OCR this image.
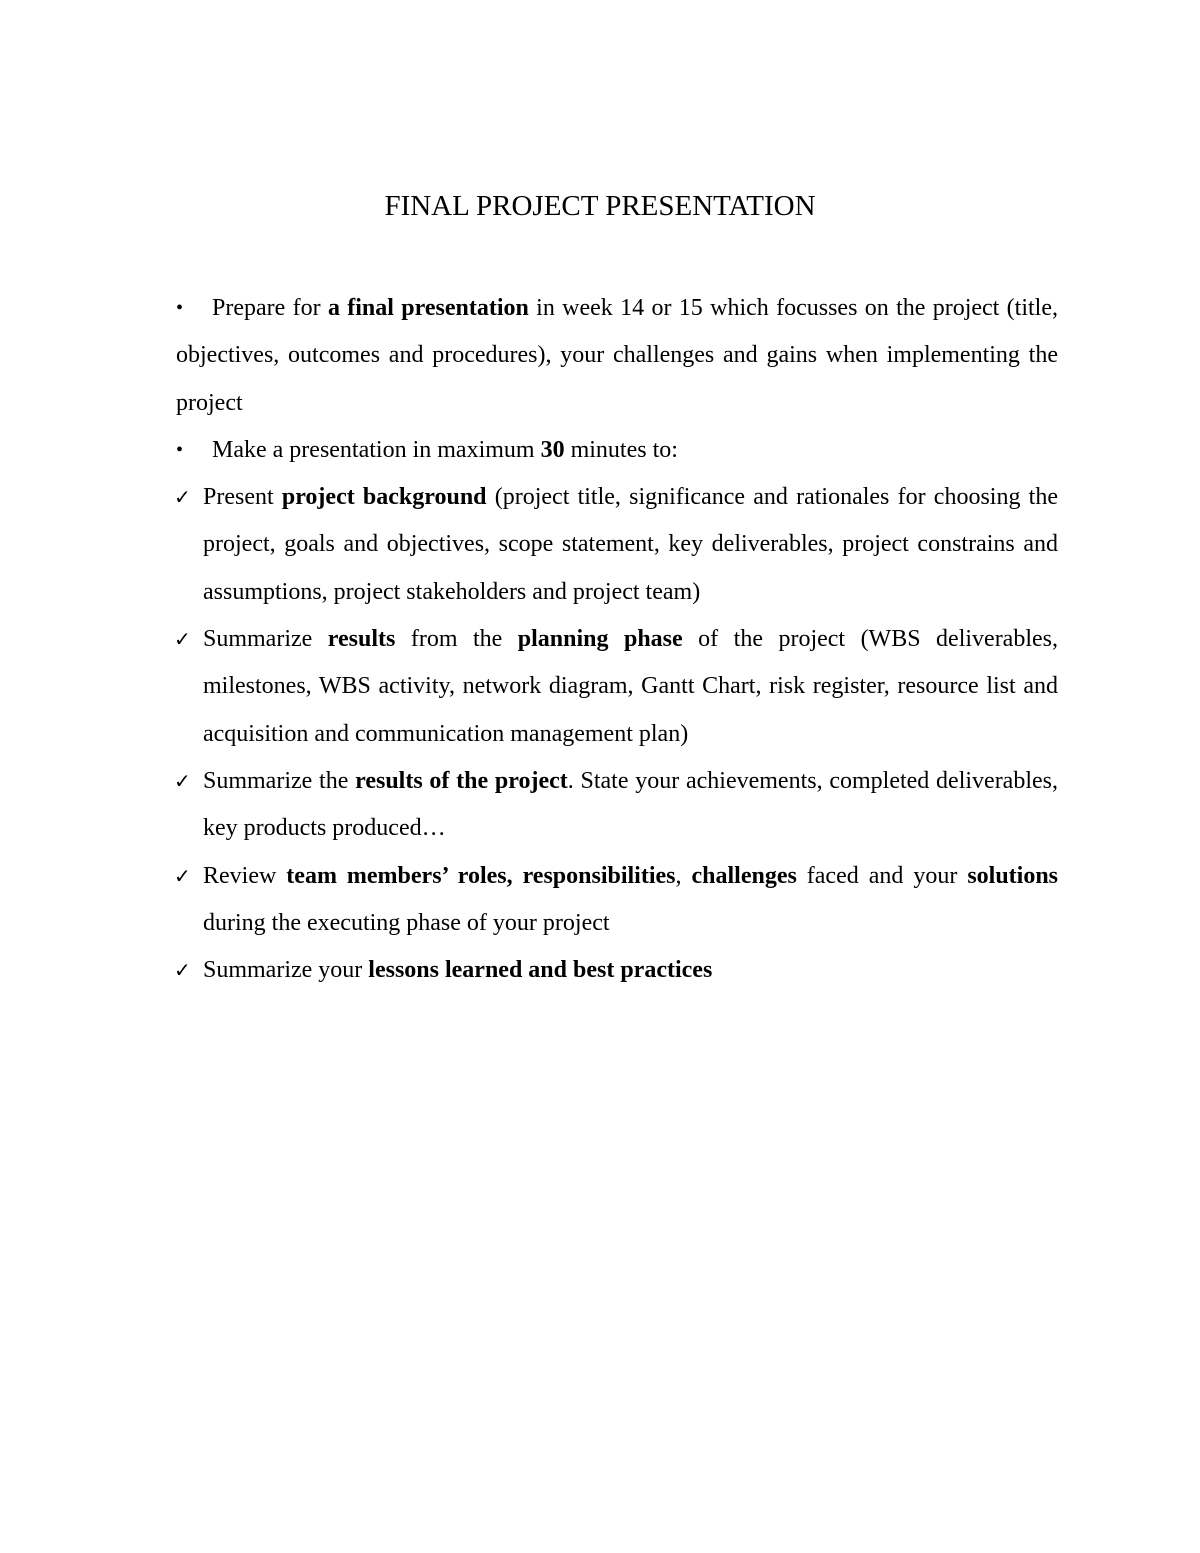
FINAL PROJECT PRESENTATION
• Prepare for a final presentation in week 14 or 15 which focusses on the project (title, objectives, outcomes and procedures), your challenges and gains when implementing the project
• Make a presentation in maximum 30 minutes to:
✓ Present project background (project title, significance and rationales for choosing the project, goals and objectives, scope statement, key deliverables, project constrains and assumptions, project stakeholders and project team)
✓ Summarize results from the planning phase of the project (WBS deliverables, milestones, WBS activity, network diagram, Gantt Chart, risk register, resource list and acquisition and communication management plan)
✓ Summarize the results of the project. State your achievements, completed deliverables, key products produced…
✓ Review team members’ roles, responsibilities, challenges faced and your solutions during the executing phase of your project
✓ Summarize your lessons learned and best practices
